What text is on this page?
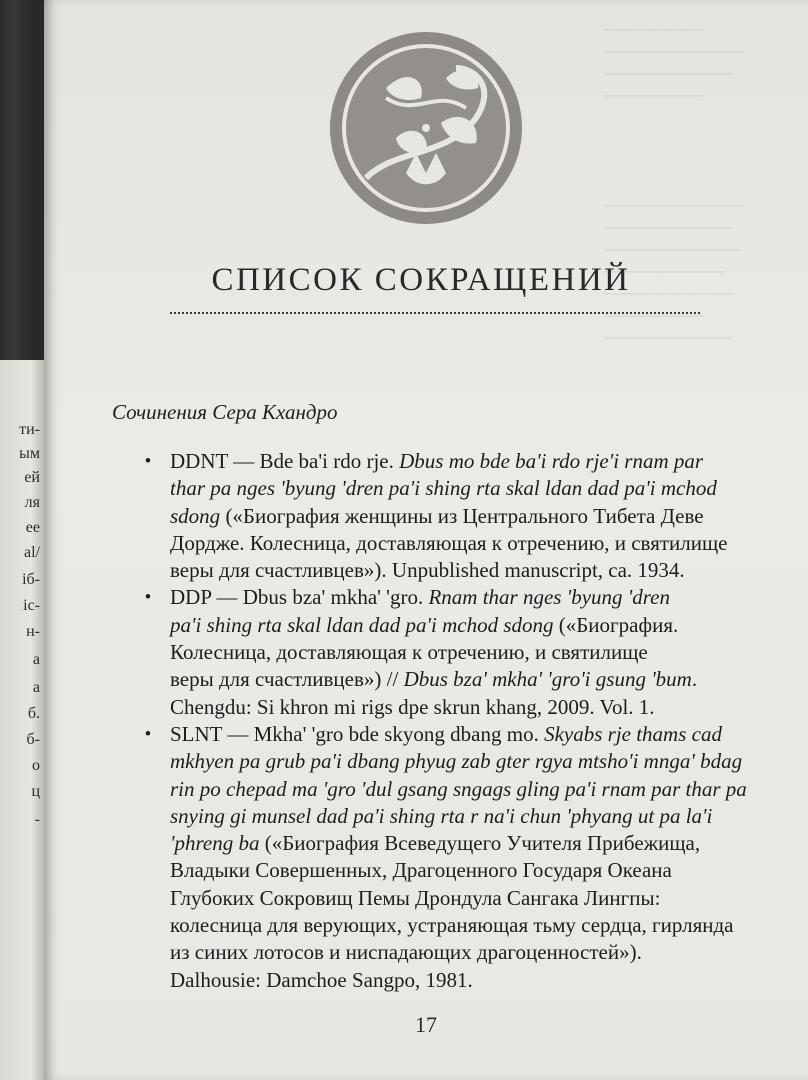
ти-
ым
ей
ля
ее
al/
іб-
іс-
н-
а
а
б.
б-
о
ц
-
──────────
──────────────
─────────────
──────────

──────────────
─────────────
──────────────
────────────
─────────────
──────────
─────────────

СПИСОК СОКРАЩЕНИЙ
Сочинения Сера Кхандро
• DDNT — Bde ba'i rdo rje. Dbus mo bde ba'i rdo rje'i rnam par
thar pa nges 'byung 'dren pa'i shing rta skal ldan dad pa'i mchod
sdong («Биография женщины из Центрального Тибета Деве
Дордже. Колесница, доставляющая к отречению, и святилище
веры для счастливцев»). Unpublished manuscript, ca. 1934.
• DDP — Dbus bza' mkha' 'gro. Rnam thar nges 'byung 'dren
pa'i shing rta skal ldan dad pa'i mchod sdong («Биография.
Колесница, доставляющая к отречению, и святилище
веры для счастливцев») // Dbus bza' mkha' 'gro'i gsung 'bum.
Chengdu: Si khron mi rigs dpe skrun khang, 2009. Vol. 1.
• SLNT — Mkha' 'gro bde skyong dbang mo. Skyabs rje thams cad
mkhyen pa grub pa'i dbang phyug zab gter rgya mtsho'i mnga' bdag
rin po chepad ma 'gro 'dul gsang sngags gling pa'i rnam par thar pa
snying gi munsel dad pa'i shing rta r na'i chun 'phyang ut pa la'i
'phreng ba («Биография Всеведущего Учителя Прибежища,
Владыки Совершенных, Драгоценного Государя Океана
Глубоких Сокровищ Пемы Дрондула Сангака Лингпы:
колесница для верующих, устраняющая тьму сердца, гирлянда
из синих лотосов и ниспадающих драгоценностей»).
Dalhousie: Damchoe Sangpo, 1981.
17
